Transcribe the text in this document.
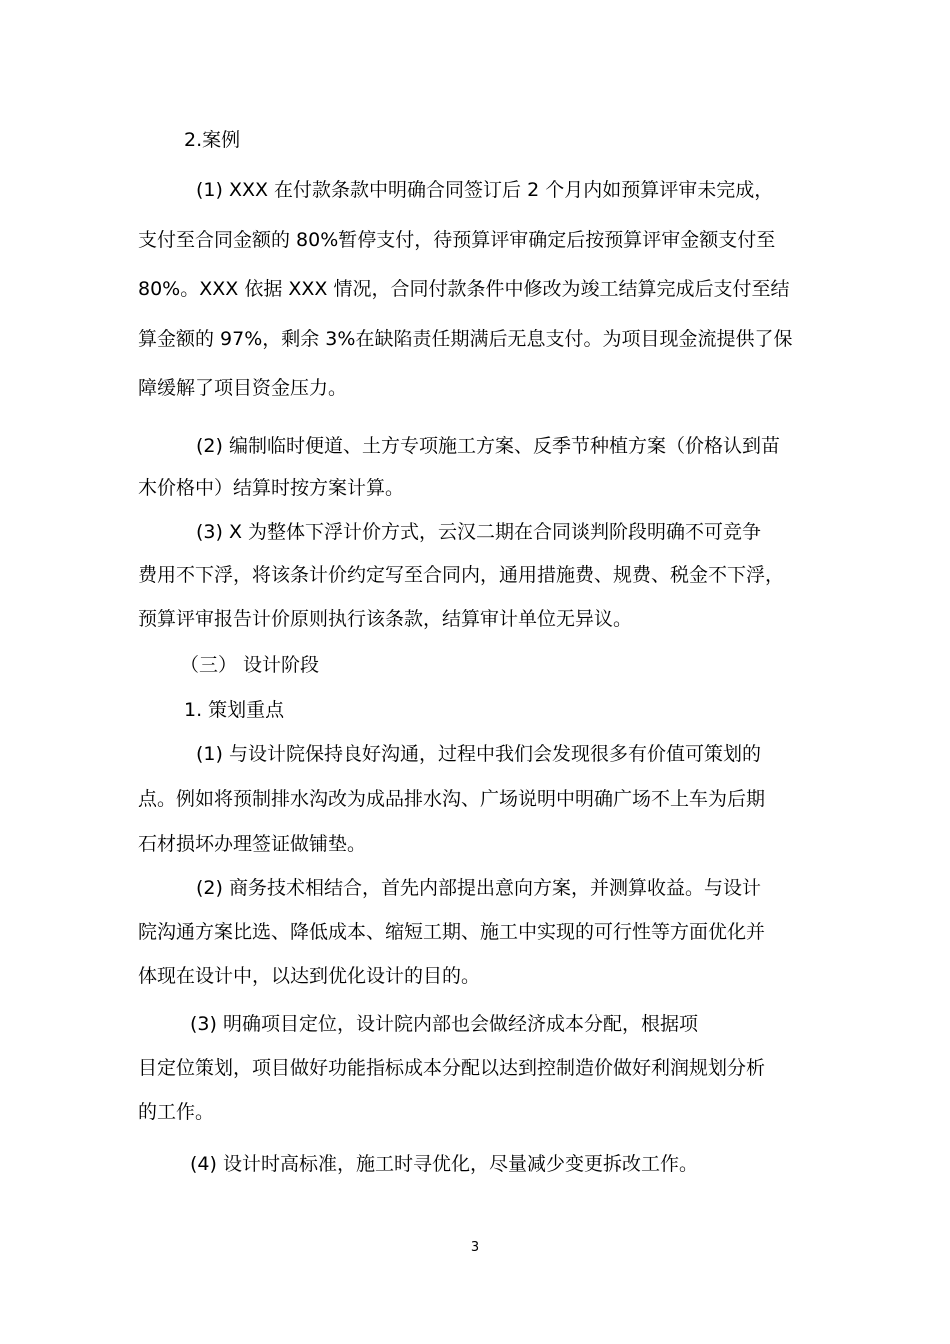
2.案例
(1) XXX 在付款条款中明确合同签订后 2 个月内如预算评审未完成，
支付至合同金额的 80%暂停支付，待预算评审确定后按预算评审金额支付至
80%。XXX 依据 XXX 情况，合同付款条件中修改为竣工结算完成后支付至结
算金额的 97%，剩余 3%在缺陷责任期满后无息支付。为项目现金流提供了保
障缓解了项目资金压力。
(2) 编制临时便道、土方专项施工方案、反季节种植方案（价格认到苗
木价格中）结算时按方案计算。
(3) X 为整体下浮计价方式，云汉二期在合同谈判阶段明确不可竞争
费用不下浮，将该条计价约定写至合同内，通用措施费、规费、税金不下浮，
预算评审报告计价原则执行该条款，结算审计单位无异议。
（三） 设计阶段
1. 策划重点
(1) 与设计院保持良好沟通，过程中我们会发现很多有价值可策划的
点。例如将预制排水沟改为成品排水沟、广场说明中明确广场不上车为后期
石材损坏办理签证做铺垫。
(2) 商务技术相结合，首先内部提出意向方案，并测算收益。与设计
院沟通方案比选、降低成本、缩短工期、施工中实现的可行性等方面优化并
体现在设计中，以达到优化设计的目的。
(3) 明确项目定位，设计院内部也会做经济成本分配，根据项
目定位策划，项目做好功能指标成本分配以达到控制造价做好利润规划分析
的工作。
(4) 设计时高标准，施工时寻优化，尽量减少变更拆改工作。
3
